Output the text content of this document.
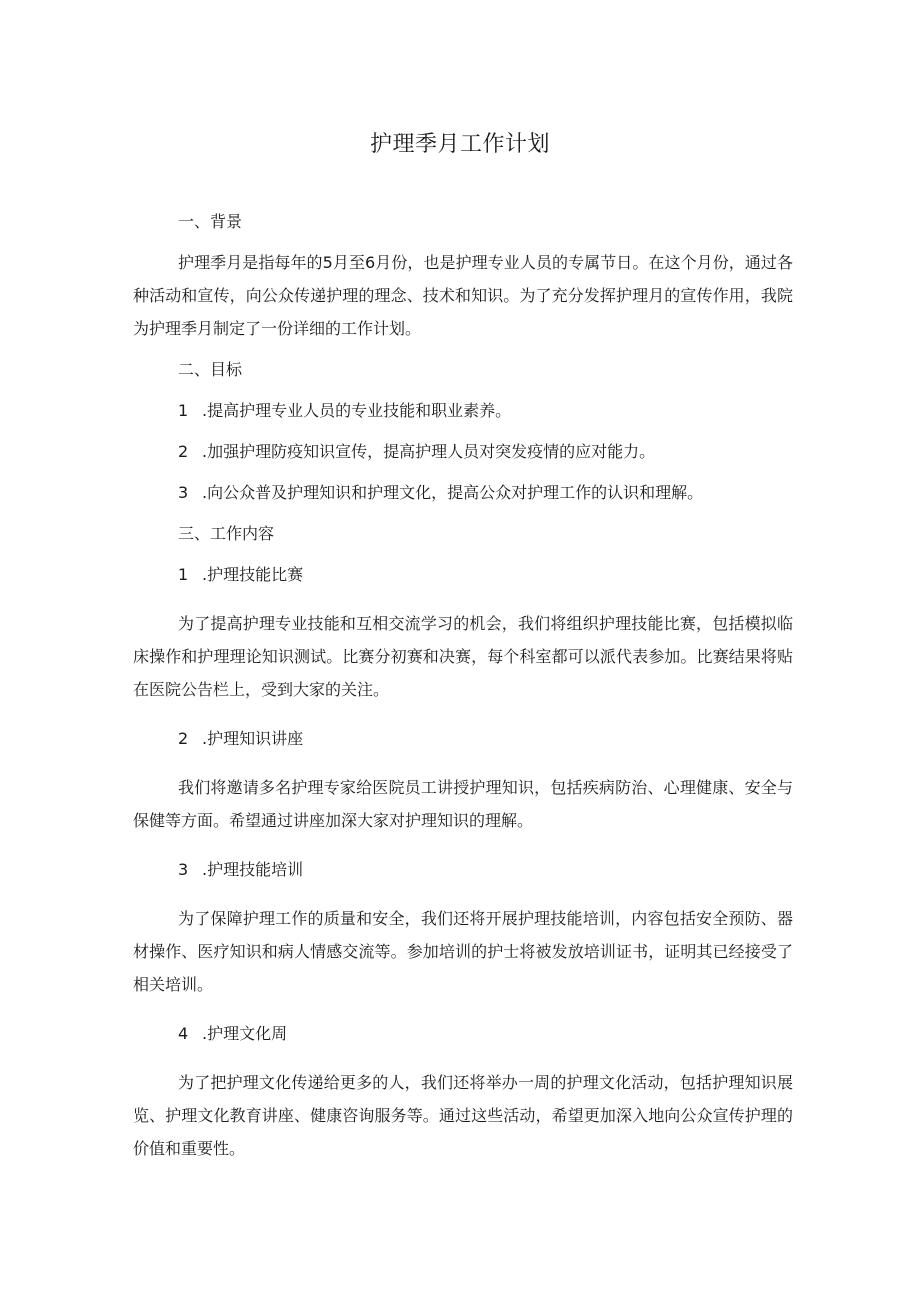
护理季月工作计划
一、背景

护理季月是指每年的5月至6月份，也是护理专业人员的专属节日。在这个月份，通过各种活动和宣传，向公众传递护理的理念、技术和知识。为了充分发挥护理月的宣传作用，我院为护理季月制定了一份详细的工作计划。

二、目标
1 .提高护理专业人员的专业技能和职业素养。
2 .加强护理防疫知识宣传，提高护理人员对突发疫情的应对能力。
3 .向公众普及护理知识和护理文化，提高公众对护理工作的认识和理解。
三、工作内容
1 .护理技能比赛

为了提高护理专业技能和互相交流学习的机会，我们将组织护理技能比赛，包括模拟临床操作和护理理论知识测试。比赛分初赛和决赛，每个科室都可以派代表参加。比赛结果将贴在医院公告栏上，受到大家的关注。

2 .护理知识讲座

我们将邀请多名护理专家给医院员工讲授护理知识，包括疾病防治、心理健康、安全与保健等方面。希望通过讲座加深大家对护理知识的理解。

3 .护理技能培训

为了保障护理工作的质量和安全，我们还将开展护理技能培训，内容包括安全预防、器材操作、医疗知识和病人情感交流等。参加培训的护士将被发放培训证书，证明其已经接受了相关培训。

4 .护理文化周

为了把护理文化传递给更多的人，我们还将举办一周的护理文化活动，包括护理知识展览、护理文化教育讲座、健康咨询服务等。通过这些活动，希望更加深入地向公众宣传护理的价值和重要性。
